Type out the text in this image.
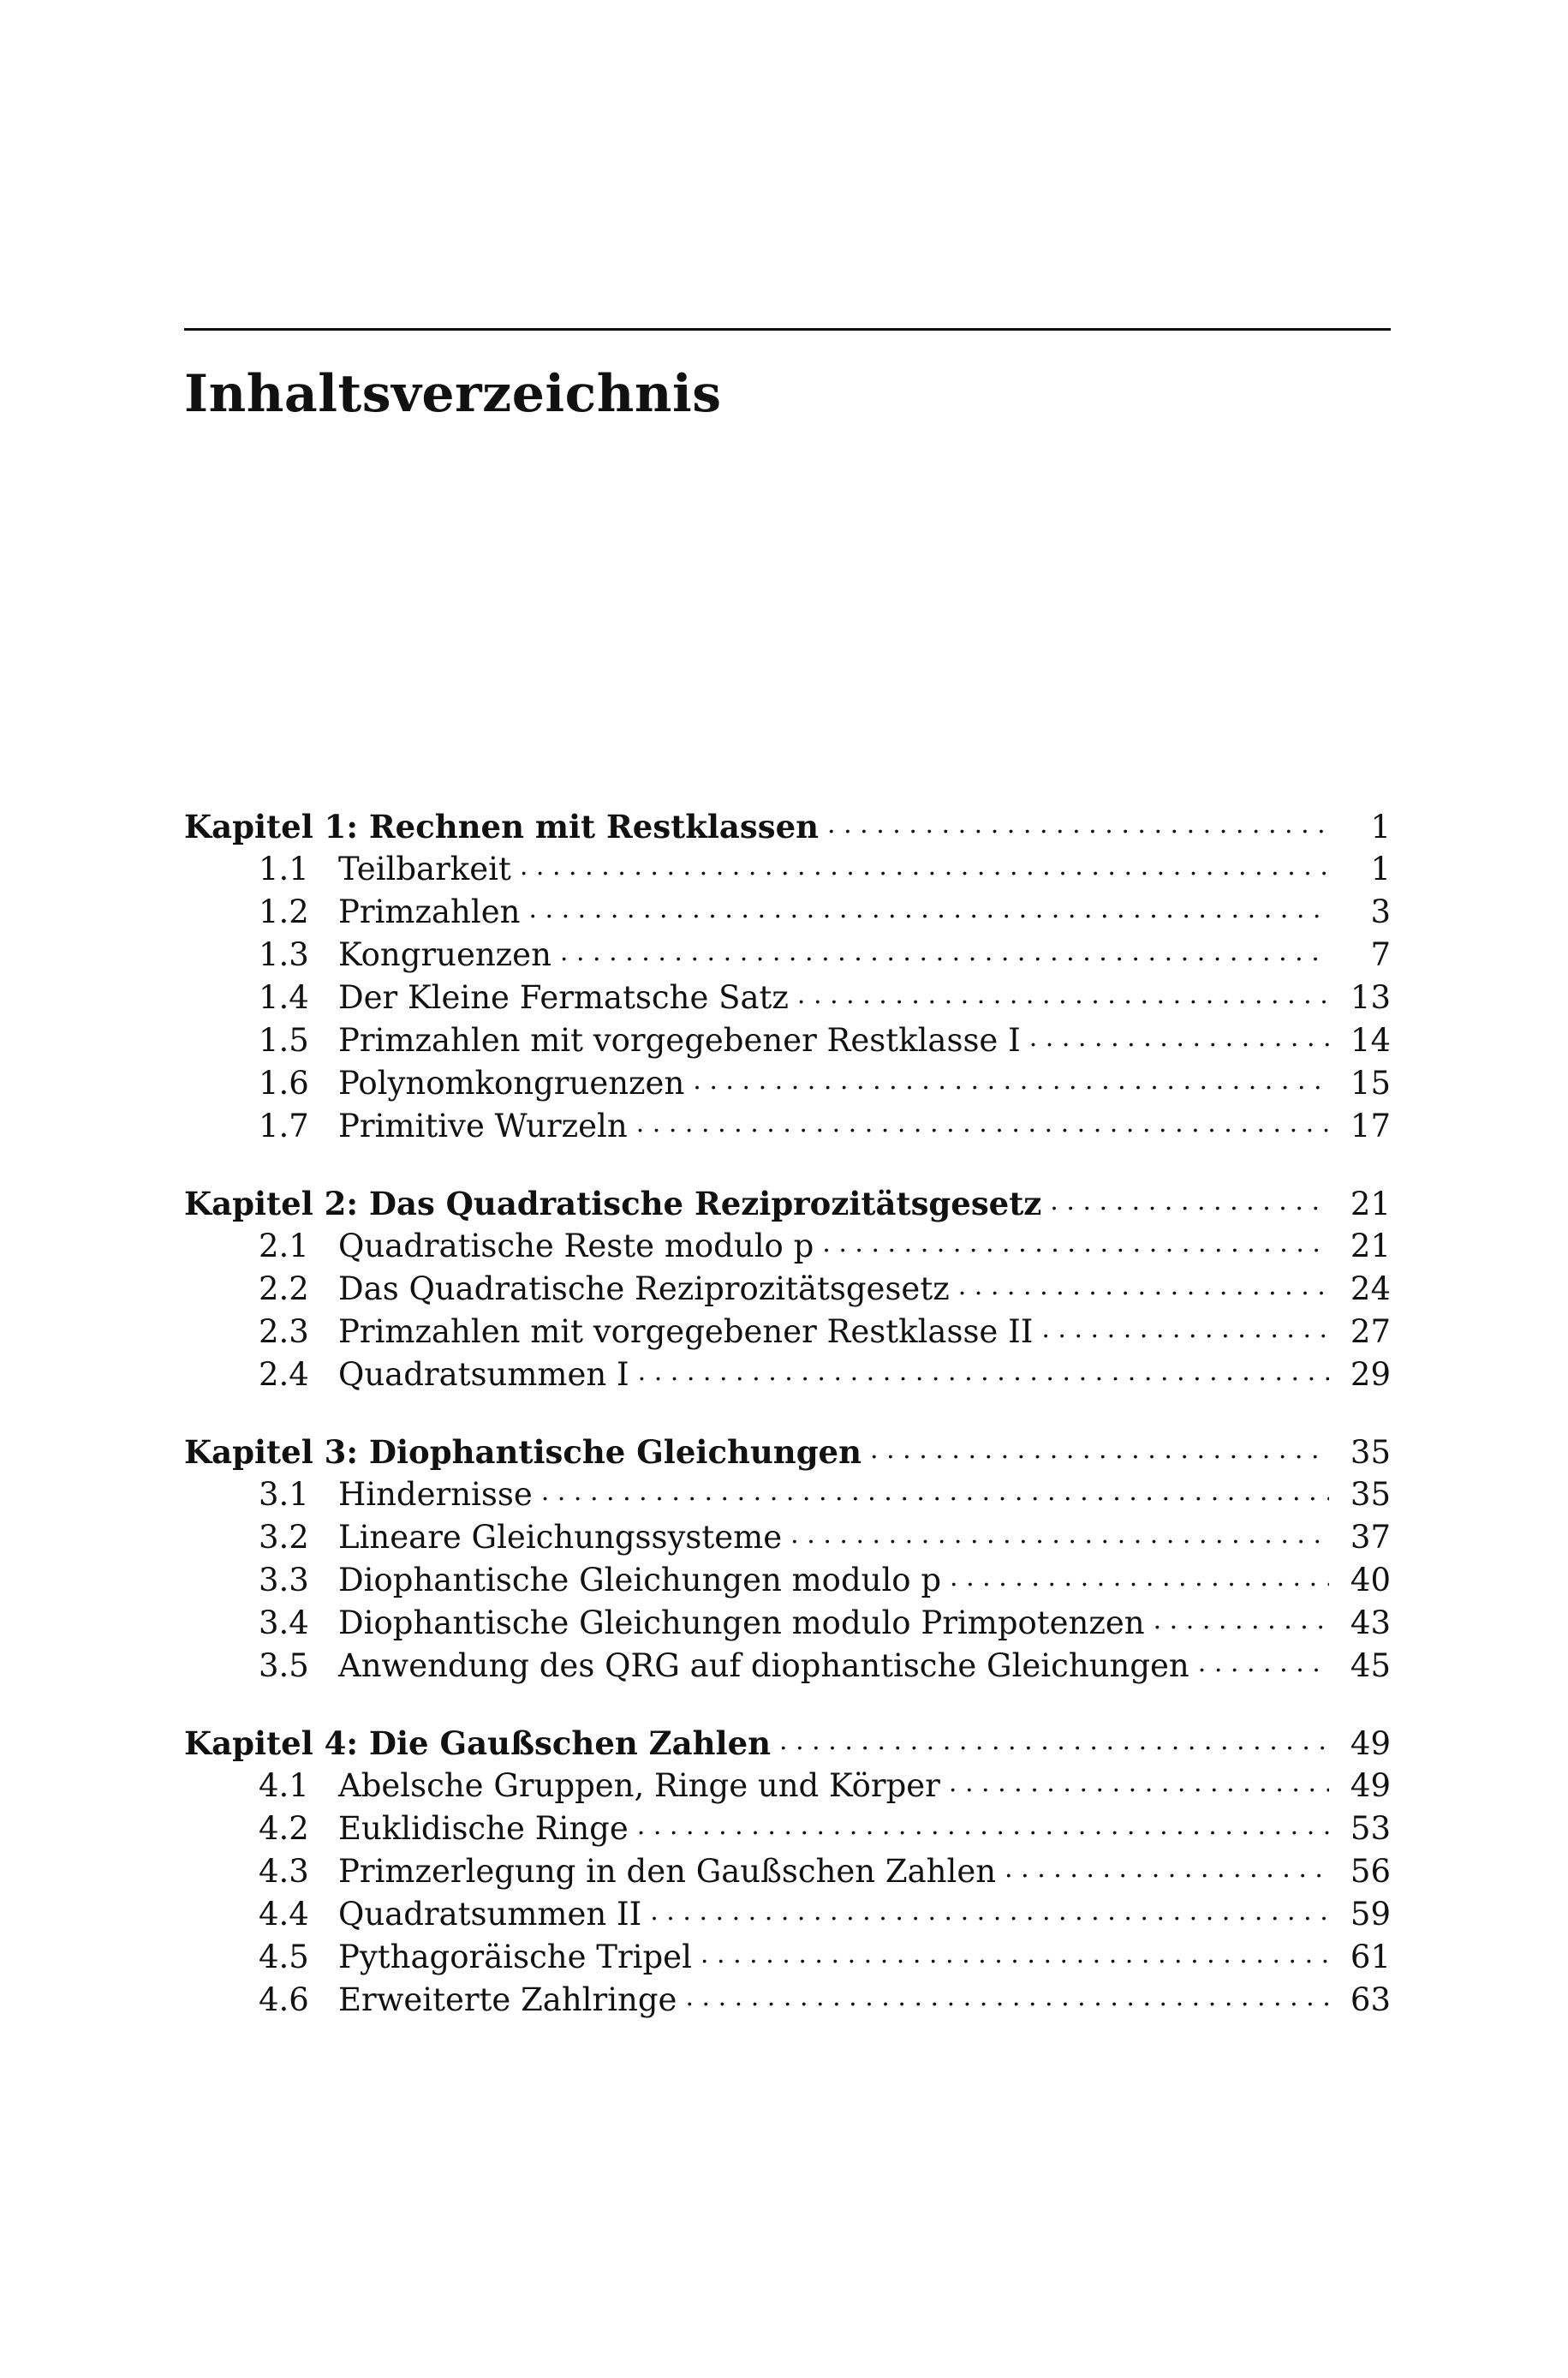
Inhaltsverzeichnis
Kapitel 1: Rechnen mit Restklassen . . .	1
1.1 Teilbarkeit . . .	1
1.2 Primzahlen . . .	3
1.3 Kongruenzen . . .	7
1.4 Der Kleine Fermatsche Satz . . .	13
1.5 Primzahlen mit vorgegebener Restklasse I . . .	14
1.6 Polynomkongruenzen . . .	15
1.7 Primitive Wurzeln . . .	17
Kapitel 2: Das Quadratische Reziprozitätsgesetz . . .	21
2.1 Quadratische Reste modulo p . . .	21
2.2 Das Quadratische Reziprozitätsgesetz . . .	24
2.3 Primzahlen mit vorgegebener Restklasse II . . .	27
2.4 Quadratsummen I . . .	29
Kapitel 3: Diophantische Gleichungen . . .	35
3.1 Hindernisse . . .	35
3.2 Lineare Gleichungssysteme . . .	37
3.3 Diophantische Gleichungen modulo p . . .	40
3.4 Diophantische Gleichungen modulo Primpotenzen . . .	43
3.5 Anwendung des QRG auf diophantische Gleichungen . . .	45
Kapitel 4: Die Gaußschen Zahlen . . .	49
4.1 Abelsche Gruppen, Ringe und Körper . . .	49
4.2 Euklidische Ringe . . .	53
4.3 Primzerlegung in den Gaußschen Zahlen . . .	56
4.4 Quadratsummen II . . .	59
4.5 Pythagoräische Tripel . . .	61
4.6 Erweiterte Zahlringe . . .	63
